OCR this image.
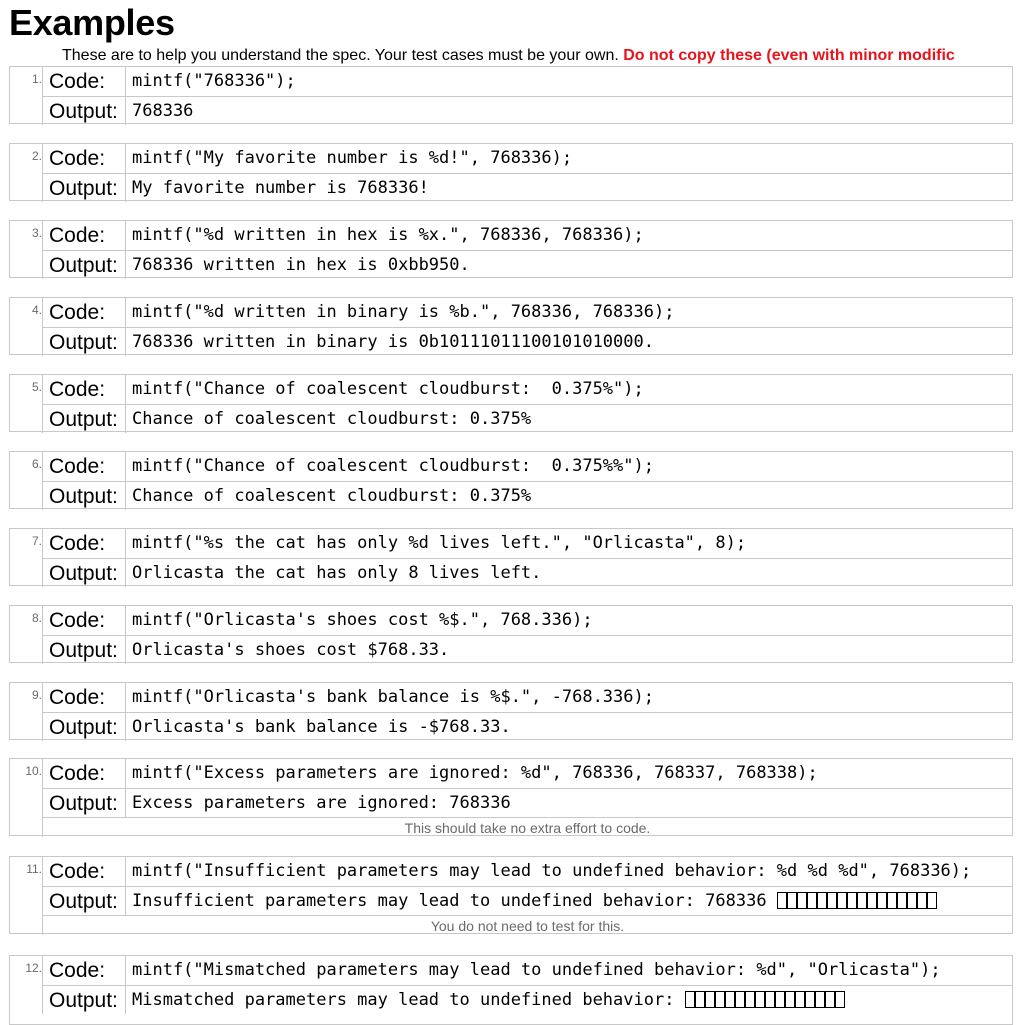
Examples
These are to help you understand the spec. Your test cases must be your own. Do not copy these (even with minor modific
1. Code:	mintf("768336");
Output: 768336
2. Code:	mintf("My favorite number is %d!", 768336);
Output: My favorite number is 768336!
3. Code:	mintf("%d written in hex is %x.", 768336, 768336);
Output: 768336 written in hex is 0xbb950.
4. Code:	mintf("%d written in binary is %b.", 768336, 768336);
Output: 768336 written in binary is 0b10111011100101010000.
5. Code:	mintf("Chance of coalescent cloudburst:  0.375%");
Output: Chance of coalescent cloudburst: 0.375%
6. Code:	mintf("Chance of coalescent cloudburst:  0.375%%");
Output: Chance of coalescent cloudburst: 0.375%
7. Code:	mintf("%s the cat has only %d lives left.", "Orlicasta", 8);
Output: Orlicasta the cat has only 8 lives left.
8. Code:	mintf("Orlicasta's shoes cost %$.", 768.336);
Output: Orlicasta's shoes cost $768.33.
9. Code:	mintf("Orlicasta's bank balance is %$.", -768.336);
Output: Orlicasta's bank balance is -$768.33.
10. Code:	mintf("Excess parameters are ignored: %d", 768336, 768337, 768338);
Output: Excess parameters are ignored: 768336
This should take no extra effort to code.
11. Code:	mintf("Insufficient parameters may lead to undefined behavior: %d %d %d", 768336);
Output: Insufficient parameters may lead to undefined behavior: 768336
You do not need to test for this.
12. Code:	mintf("Mismatched parameters may lead to undefined behavior: %d", "Orlicasta");
Output: Mismatched parameters may lead to undefined behavior:
